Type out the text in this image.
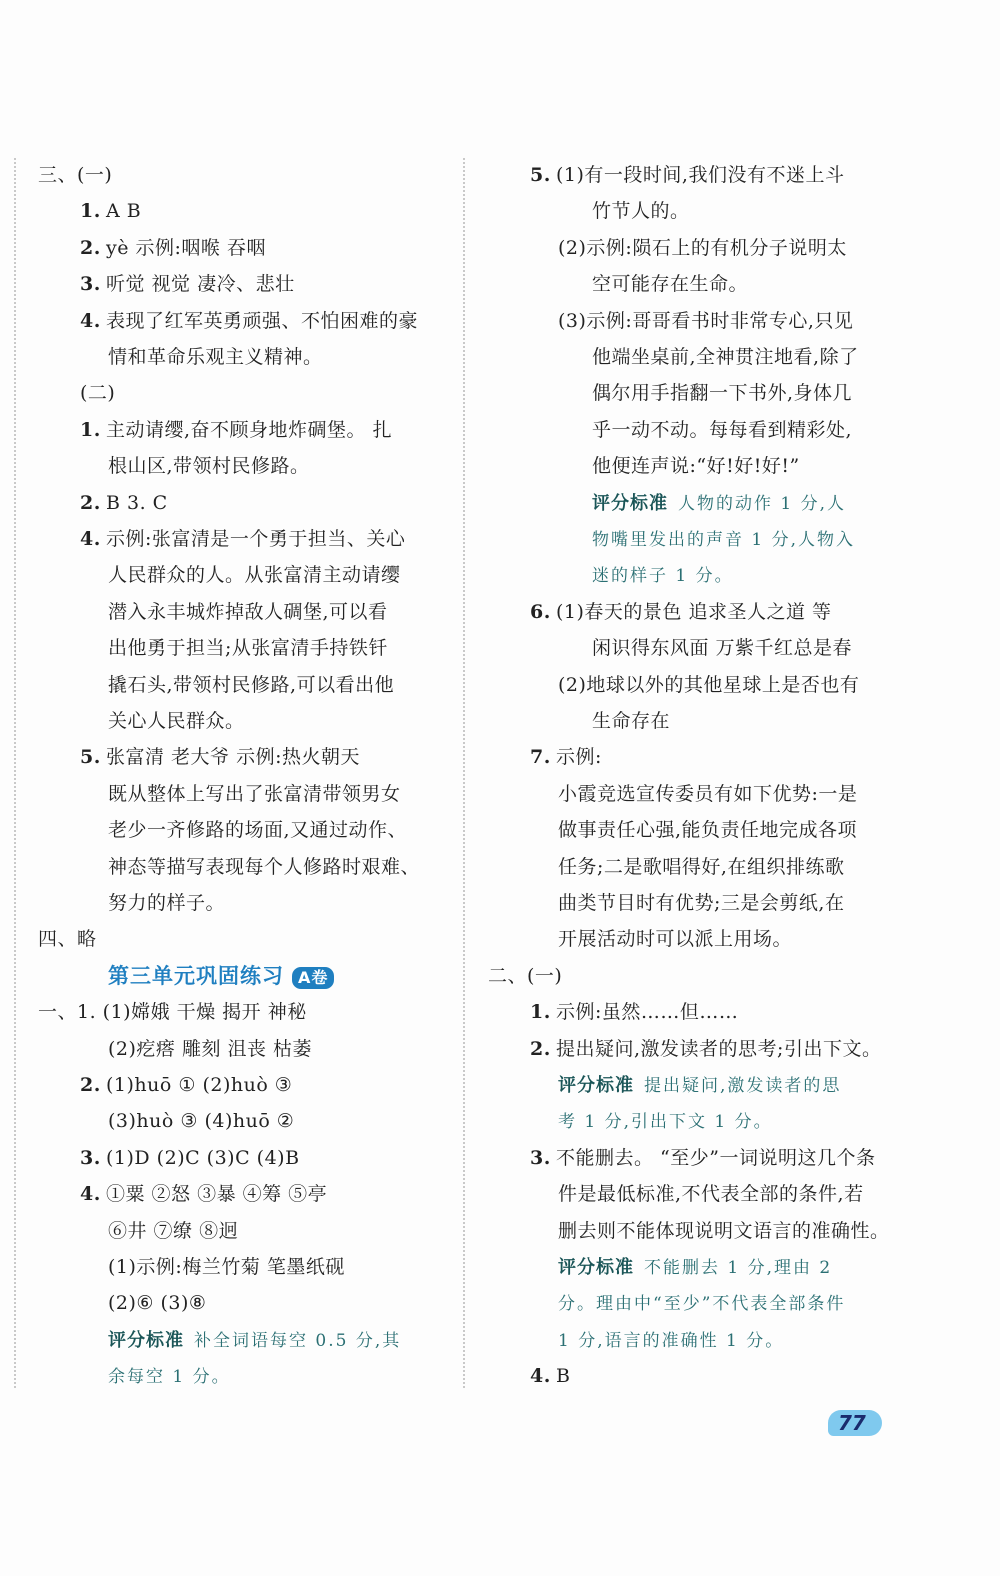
三、(一)
1. A B
2. yè 示例:咽喉 吞咽
3. 听觉 视觉 凄冷、悲壮
4. 表现了红军英勇顽强、不怕困难的豪
情和革命乐观主义精神。
(二)
1. 主动请缨,奋不顾身地炸碉堡。 扎
根山区,带领村民修路。
2. B 3. C
4. 示例:张富清是一个勇于担当、关心
人民群众的人。从张富清主动请缨
潜入永丰城炸掉敌人碉堡,可以看
出他勇于担当;从张富清手持铁钎
撬石头,带领村民修路,可以看出他
关心人民群众。
5. 张富清 老大爷 示例:热火朝天
既从整体上写出了张富清带领男女
老少一齐修路的场面,又通过动作、
神态等描写表现每个人修路时艰难、
努力的样子。
四、略
一、1. (1)嫦娥 干燥 揭开 神秘
(2)疙瘩 雕刻 沮丧 枯萎
2. (1)huō ① (2)huò ③
(3)huò ③ (4)huō ②
3. (1)D (2)C (3)C (4)B
4. ①粟 ②怒 ③暴 ④筹 ⑤亭
⑥井 ⑦缭 ⑧迥
(1)示例:梅兰竹菊 笔墨纸砚
(2)⑥ (3)⑧
评分标准 补全词语每空 0.5 分,其
余每空 1 分。
5. (1)有一段时间,我们没有不迷上斗
竹节人的。
(2)示例:陨石上的有机分子说明太
空可能存在生命。
(3)示例:哥哥看书时非常专心,只见
他端坐桌前,全神贯注地看,除了
偶尔用手指翻一下书外,身体几
乎一动不动。每每看到精彩处,
他便连声说:“好!好!好!”
评分标准 人物的动作 1 分,人
物嘴里发出的声音 1 分,人物入
迷的样子 1 分。
6. (1)春天的景色 追求圣人之道 等
闲识得东风面 万紫千红总是春
(2)地球以外的其他星球上是否也有
生命存在
7. 示例:
小霞竞选宣传委员有如下优势:一是
做事责任心强,能负责任地完成各项
任务;二是歌唱得好,在组织排练歌
曲类节目时有优势;三是会剪纸,在
开展活动时可以派上用场。
二、(一)
1. 示例:虽然……但……
2. 提出疑问,激发读者的思考;引出下文。
评分标准 提出疑问,激发读者的思
考 1 分,引出下文 1 分。
3. 不能删去。 “至少”一词说明这几个条
件是最低标准,不代表全部的条件,若
删去则不能体现说明文语言的准确性。
评分标准 不能删去 1 分,理由 2
分。理由中“至少”不代表全部条件
1 分,语言的准确性 1 分。
4. B
第三单元巩固练习 A卷
77
